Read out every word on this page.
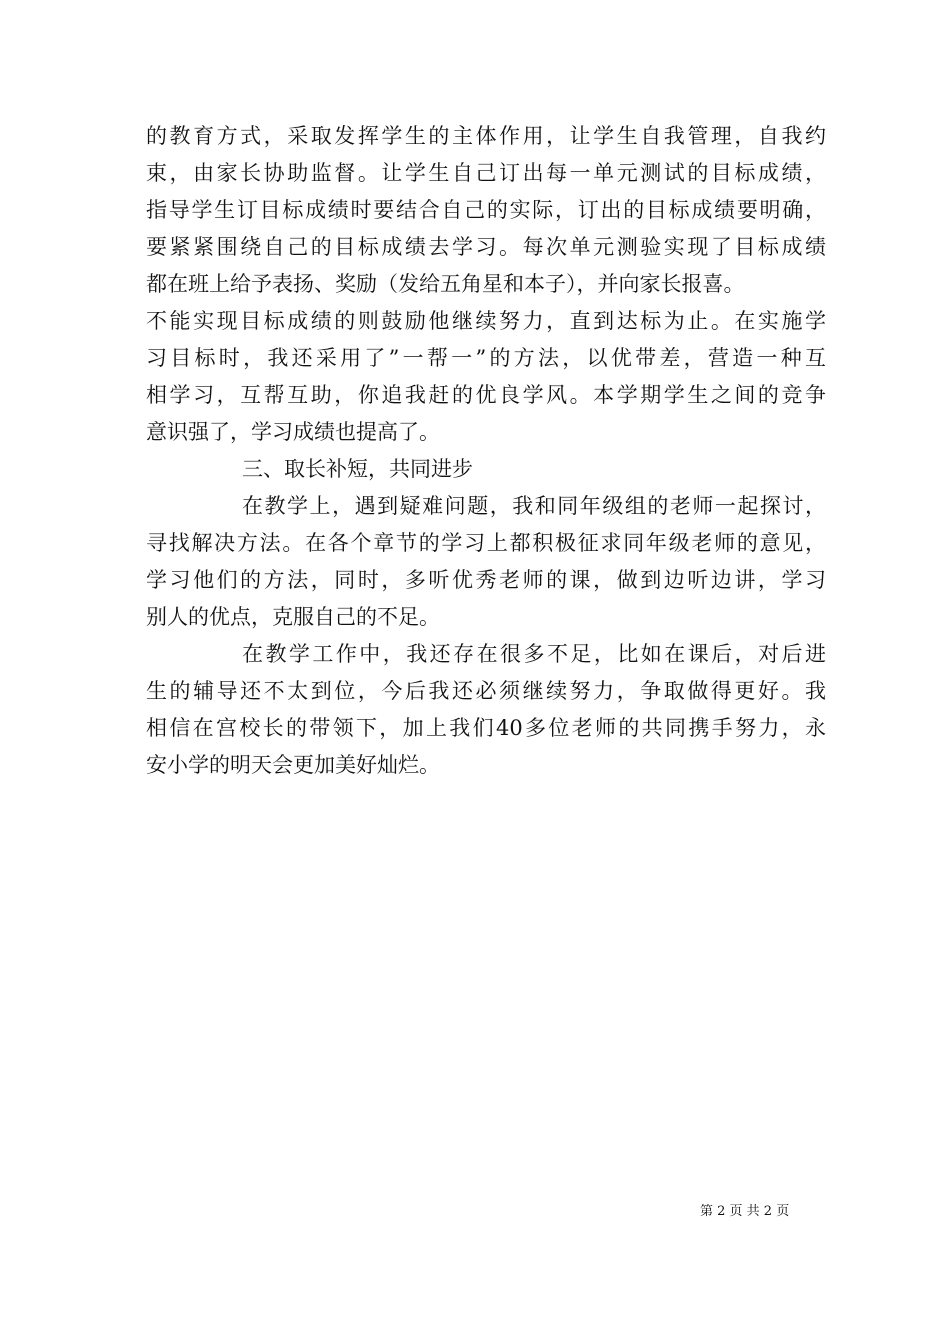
的教育方式，采取发挥学生的主体作用，让学生自我管理，自我约
束，由家长协助监督。让学生自己订出每一单元测试的目标成绩，
指导学生订目标成绩时要结合自己的实际，订出的目标成绩要明确，
要紧紧围绕自己的目标成绩去学习。每次单元测验实现了目标成绩
都在班上给予表扬、奖励（发给五角星和本子），并向家长报喜。
不能实现目标成绩的则鼓励他继续努力，直到达标为止。在实施学
习目标时，我还采用了”一帮一”的方法，以优带差，营造一种互
相学习，互帮互助，你追我赶的优良学风。本学期学生之间的竞争
意识强了，学习成绩也提高了。
三、取长补短，共同进步
在教学上，遇到疑难问题，我和同年级组的老师一起探讨，
寻找解决方法。在各个章节的学习上都积极征求同年级老师的意见，
学习他们的方法，同时，多听优秀老师的课，做到边听边讲，学习
别人的优点，克服自己的不足。
在教学工作中，我还存在很多不足，比如在课后，对后进
生的辅导还不太到位，今后我还必须继续努力，争取做得更好。我
相信在宫校长的带领下，加上我们40多位老师的共同携手努力，永
安小学的明天会更加美好灿烂。
第 2 页 共 2 页
